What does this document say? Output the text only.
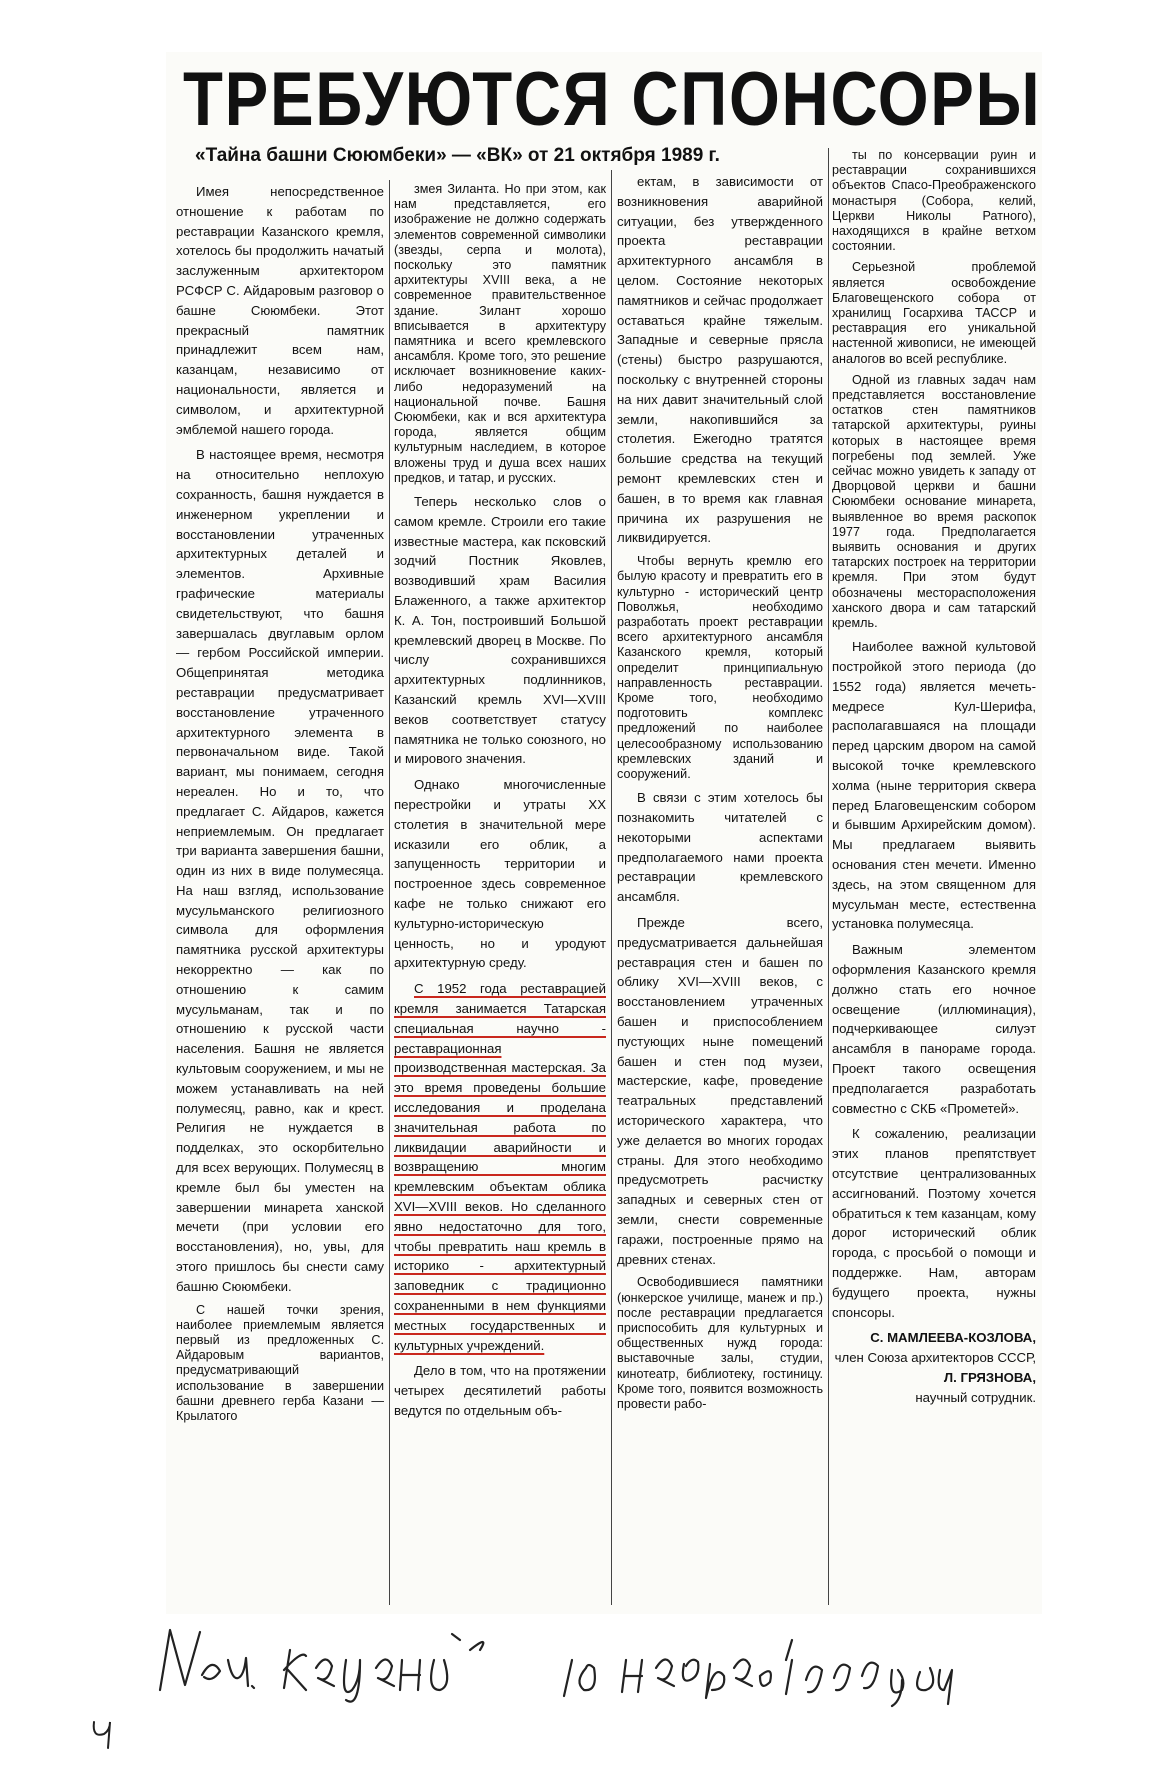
ТРЕБУЮТСЯ СПОНСОРЫ
«Тайна башни Сююмбеки» — «ВК» от 21 октября 1989 г.

Имея непосредственное отношение к работам по реставрации Казанского кремля, хотелось бы продолжить начатый заслуженным архитектором РСФСР С. Айдаровым разговор о башне Сююмбеки. Этот прекрасный памятник принадлежит всем нам, казанцам, независимо от национальности, является и символом, и архитектурной эмблемой нашего города.

В настоящее время, несмотря на относительно неплохую сохранность, башня нуждается в инженерном укреплении и восстановлении утраченных архитектурных деталей и элементов. Архивные графические материалы свидетельствуют, что башня завершалась двуглавым орлом — гербом Российской империи. Общепринятая методика реставрации предусматривает восстановление утраченного архитектурного элемента в первоначальном виде. Такой вариант, мы понимаем, сегодня нереален. Но и то, что предлагает С. Айдаров, кажется неприемлемым. Он предлагает три варианта завершения башни, один из них в виде полумесяца. На наш взгляд, использование мусульманского религиозного символа для оформления памятника русской архитектуры некорректно — как по отношению к самим мусульманам, так и по отношению к русской части населения. Башня не является культовым сооружением, и мы не можем устанавливать на ней полумесяц, равно, как и крест. Религия не нуждается в подделках, это оскорбительно для всех верующих. Полумесяц в кремле был бы уместен на завершении минарета ханской мечети (при условии его восстановления), но, увы, для этого пришлось бы снести саму башню Сююмбеки.

С нашей точки зрения, наиболее приемлемым является первый из предложенных С. Айдаровым вариантов, предусматривающий использование в завершении башни древнего герба Казани — Крылатого

змея Зиланта. Но при этом, как нам представляется, его изображение не должно содержать элементов современной символики (звезды, серпа и молота), поскольку это памятник архитектуры XVIII века, а не современное правительственное здание. Зилант хорошо вписывается в архитектуру памятника и всего кремлевского ансамбля. Кроме того, это решение исключает возникновение каких-либо недоразумений на национальной почве. Башня Сююмбеки, как и вся архитектура города, является общим культурным наследием, в которое вложены труд и душа всех наших предков, и татар, и русских.

Теперь несколько слов о самом кремле. Строили его такие известные мастера, как псковский зодчий Постник Яковлев, возводивший храм Василия Блаженного, а также архитектор К. А. Тон, построивший Большой кремлевский дворец в Москве. По числу сохранившихся архитектурных подлинников, Казанский кремль XVI—XVIII веков соответствует статусу памятника не только союзного, но и мирового значения.

Однако многочисленные перестройки и утраты XX столетия в значительной мере исказили его облик, а запущенность территории и построенное здесь современное кафе не только снижают его культурно-историческую ценность, но и уродуют архитектурную среду.

С 1952 года реставрацией кремля занимается Татарская специальная научно - реставрационная производственная мастерская. За это время проведены большие исследования и проделана значительная работа по ликвидации аварийности и возвращению многим кремлевским объектам облика XVI—XVIII веков. Но сделанного явно недостаточно для того, чтобы превратить наш кремль в историко - архитектурный заповедник с традиционно сохраненными в нем функциями местных государственных и культурных учреждений.

Дело в том, что на протяжении четырех десятилетий работы ведутся по отдельным объ-

ектам, в зависимости от возникновения аварийной ситуации, без утвержденного проекта реставрации архитектурного ансамбля в целом. Состояние некоторых памятников и сейчас продолжает оставаться крайне тяжелым. Западные и северные прясла (стены) быстро разрушаются, поскольку с внутренней стороны на них давит значительный слой земли, накопившийся за столетия. Ежегодно тратятся большие средства на текущий ремонт кремлевских стен и башен, в то время как главная причина их разрушения не ликвидируется.

Чтобы вернуть кремлю его былую красоту и превратить его в культурно - исторический центр Поволжья, необходимо разработать проект реставрации всего архитектурного ансамбля Казанского кремля, который определит принципиальную направленность реставрации. Кроме того, необходимо подготовить комплекс предложений по наиболее целесообразному использованию кремлевских зданий и сооружений.

В связи с этим хотелось бы познакомить читателей с некоторыми аспектами предполагаемого нами проекта реставрации кремлевского ансамбля.

Прежде всего, предусматривается дальнейшая реставрация стен и башен по облику XVI—XVIII веков, с восстановлением утраченных башен и приспособлением пустующих ныне помещений башен и стен под музеи, мастерские, кафе, проведение театральных представлений исторического характера, что уже делается во многих городах страны. Для этого необходимо предусмотреть расчистку западных и северных стен от земли, снести современные гаражи, построенные прямо на древних стенах.

Освободившиеся памятники (юнкерское училище, манеж и пр.) после реставрации предлагается приспособить для культурных и общественных нужд города: выставочные залы, студии, кинотеатр, библиотеку, гостиницу. Кроме того, появится возможность провести рабо-

ты по консервации руин и реставрации сохранившихся объектов Спасо-Преображенского монастыря (Собора, келий, Церкви Николы Ратного), находящихся в крайне ветхом состоянии.

Серьезной проблемой является освобождение Благовещенского собора от хранилищ Госархива ТАССР и реставрация его уникальной настенной живописи, не имеющей аналогов во всей республике.

Одной из главных задач нам представляется восстановление остатков стен памятников татарской архитектуры, руины которых в настоящее время погребены под землей. Уже сейчас можно увидеть к западу от Дворцовой церкви и башни Сююмбеки основание минарета, выявленное во время раскопок 1977 года. Предполагается выявить основания и других татарских построек на территории кремля. При этом будут обозначены месторасположения ханского двора и сам татарский кремль.

Наиболее важной культовой постройкой этого периода (до 1552 года) является мечеть-медресе Кул-Шерифа, располагавшаяся на площади перед царским двором на самой высокой точке кремлевского холма (ныне территория сквера перед Благовещенским собором и бывшим Архирейским домом). Мы предлагаем выявить основания стен мечети. Именно здесь, на этом священном для мусульман месте, естественна установка полумесяца.

Важным элементом оформления Казанского кремля должно стать его ночное освещение (иллюминация), подчеркивающее силуэт ансамбля в панораме города. Проект такого освещения предполагается разработать совместно с СКБ «Прометей».

К сожалению, реализации этих планов препятствует отсутствие централизованных ассигнований. Поэтому хочется обратиться к тем казанцам, кому дорог исторический облик города, с просьбой о помощи и поддержке. Нам, авторам будущего проекта, нужны спонсоры.

С. МАМЛЕЕВА-КОЗЛОВА,
член Союза архитекторов СССР,
Л. ГРЯЗНОВА,
научный сотрудник.
